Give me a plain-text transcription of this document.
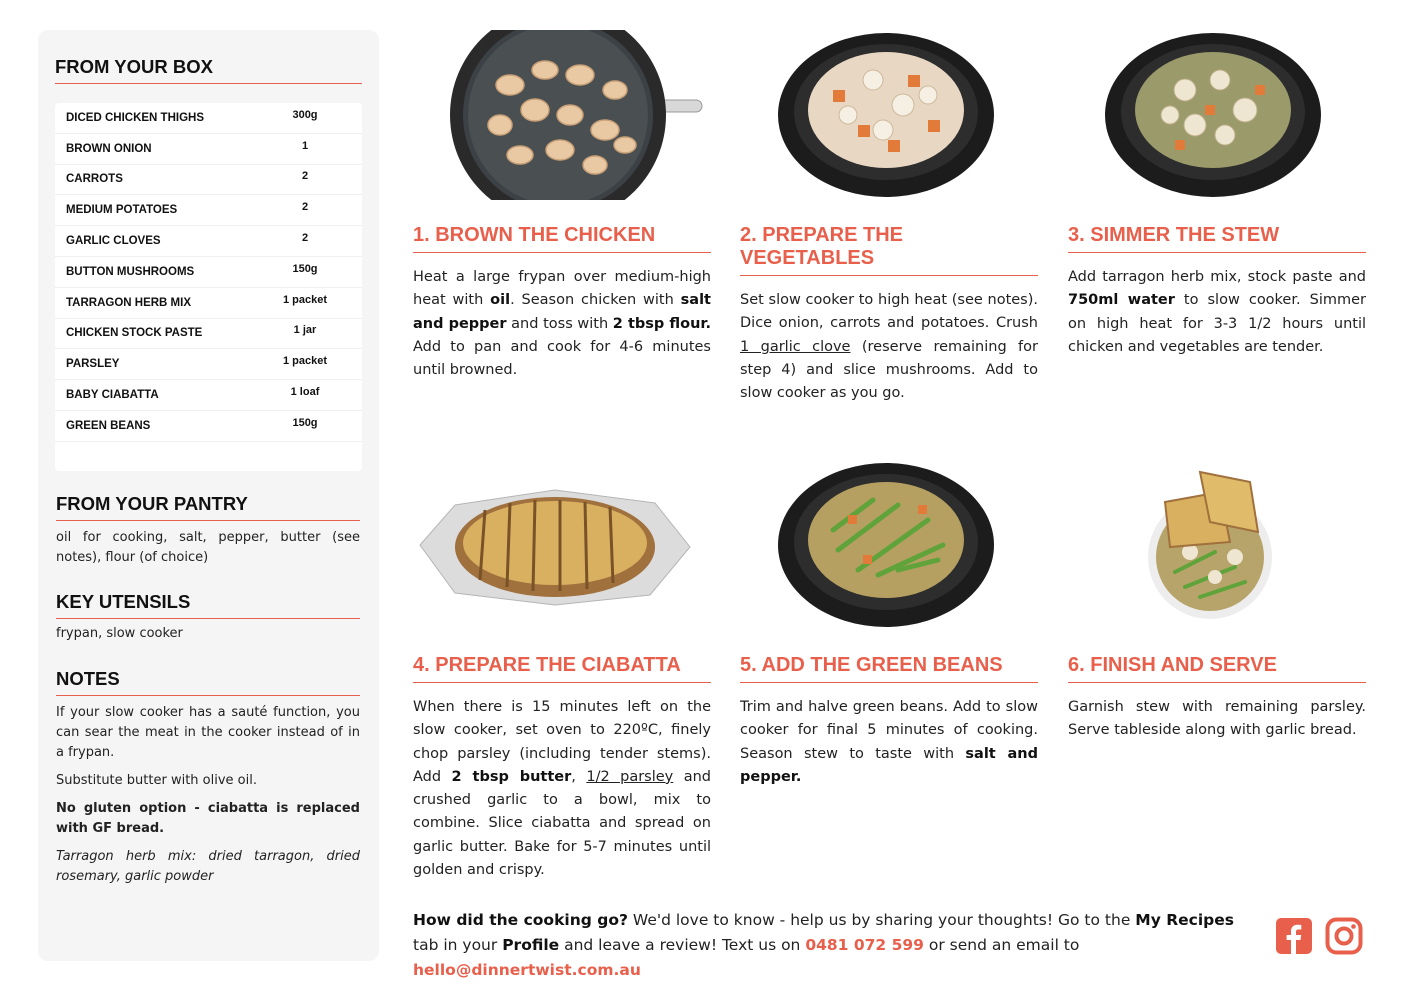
FROM YOUR BOX
DICED CHICKEN THIGHS	300g
BROWN ONION	1
CARROTS	2
MEDIUM POTATOES	2
GARLIC CLOVES	2
BUTTON MUSHROOMS	150g
TARRAGON HERB MIX	1 packet
CHICKEN STOCK PASTE	1 jar
PARSLEY	1 packet
BABY CIABATTA	1 loaf
GREEN BEANS	150g
FROM YOUR PANTRY
oil for cooking, salt, pepper, butter (see notes), flour (of choice)
KEY UTENSILS
frypan, slow cooker
NOTES

If your slow cooker has a sauté function, you can sear the meat in the cooker instead of in a frypan.

Substitute butter with olive oil.

No gluten option - ciabatta is replaced with GF bread.

Tarragon herb mix: dried tarragon, dried rosemary, garlic powder

1. BROWN THE CHICKEN

Heat a large frypan over medium-high heat with oil. Season chicken with salt and pepper and toss with 2 tbsp flour. Add to pan and cook for 4-6 minutes until browned.

2. PREPARE THE VEGETABLES

Set slow cooker to high heat (see notes). Dice onion, carrots and potatoes. Crush 1 garlic clove (reserve remaining for step 4) and slice mushrooms. Add to slow cooker as you go.

3. SIMMER THE STEW

Add tarragon herb mix, stock paste and 750ml water to slow cooker. Simmer on high heat for 3-3 1/2 hours until chicken and vegetables are tender.

4. PREPARE THE CIABATTA

When there is 15 minutes left on the slow cooker, set oven to 220ºC, finely chop parsley (including tender stems). Add 2 tbsp butter, 1/2 parsley and crushed garlic to a bowl, mix to combine. Slice ciabatta and spread on garlic butter. Bake for 5-7 minutes until golden and crispy.

5. ADD THE GREEN BEANS

Trim and halve green beans. Add to slow cooker for final 5 minutes of cooking. Season stew to taste with salt and pepper.

6. FINISH AND SERVE

Garnish stew with remaining parsley. Serve tableside along with garlic bread.

How did the cooking go? We'd love to know - help us by sharing your thoughts! Go to the My Recipes tab in your Profile and leave a review! Text us on 0481 072 599 or send an email to hello@dinnertwist.com.au
